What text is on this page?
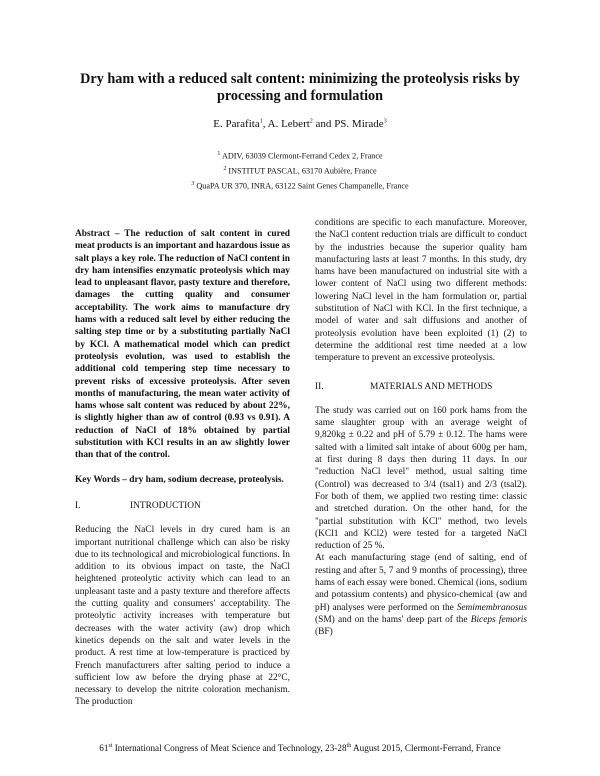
Dry ham with a reduced salt content: minimizing the proteolysis risks by processing and formulation
E. Parafita$^1$, A. Lebert$^2$ and PS. Mirade$^3$
$^1$ ADIV, 63039 Clermont-Ferrand Cedex 2, France
$^2$ INSTITUT PASCAL, 63170 Aubière, France
$^3$ QuaPA UR 370, INRA, 63122 Saint Genes Champanelle, France

Abstract – The reduction of salt content in cured meat products is an important and hazardous issue as salt plays a key role. The reduction of NaCl content in dry ham intensifies enzymatic proteolysis which may lead to unpleasant flavor, pasty texture and therefore, damages the cutting quality and consumer acceptability. The work aims to manufacture dry hams with a reduced salt level by either reducing the salting step time or by a substituting partially NaCl by KCl. A mathematical model which can predict proteolysis evolution, was used to establish the additional cold tempering step time necessary to prevent risks of excessive proteolysis. After seven months of manufacturing, the mean water activity of hams whose salt content was reduced by about 22%, is slightly higher than aw of control (0.93 vs 0.91). A reduction of NaCl of 18% obtained by partial substitution with KCl results in an aw slightly lower than that of the control.

Key Words – dry ham, sodium decrease, proteolysis.

I.	INTRODUCTION

Reducing the NaCl levels in dry cured ham is an important nutritional challenge which can also be risky due to its technological and microbiological functions. In addition to its obvious impact on taste, the NaCl heightened proteolytic activity which can lead to an unpleasant taste and a pasty texture and therefore affects the cutting quality and consumers' acceptability. The proteolytic activity increases with temperature but decreases with the water activity (aw) drop which kinetics depends on the salt and water levels in the product. A rest time at low-temperature is practiced by French manufacturers after salting period to induce a sufficient low aw before the drying phase at 22°C, necessary to develop the nitrite coloration mechanism. The production

conditions are specific to each manufacture. Moreover, the NaCl content reduction trials are difficult to conduct by the industries because the superior quality ham manufacturing lasts at least 7 months. In this study, dry hams have been manufactured on industrial site with a lower content of NaCl using two different methods: lowering NaCl level in the ham formulation or, partial substitution of NaCl with KCl. In the first technique, a model of water and salt diffusions and another of proteolysis evolution have been exploited (1) (2) to determine the additional rest time needed at a low temperature to prevent an excessive proteolysis.

II.	MATERIALS AND METHODS

The study was carried out on 160 pork hams from the same slaughter group with an average weight of 9,820kg ± 0.22 and pH of 5.79 ± 0.12. The hams were salted with a limited salt intake of about 600g per ham, at first during 8 days then during 11 days. In our "reduction NaCl level" method, usual salting time (Control) was decreased to 3/4 (tsal1) and 2/3 (tsal2). For both of them, we applied two resting time: classic and stretched duration. On the other hand, for the "partial substitution with KCl" method, two levels (KCl1 and KCl2) were tested for a targeted NaCl reduction of 25 %.

At each manufacturing stage (end of salting, end of resting and after 5, 7 and 9 months of processing), three hams of each essay were boned. Chemical (ions, sodium and potassium contents) and physico-chemical (aw and pH) analyses were performed on the Semimembranosus (SM) and on the hams' deep part of the Biceps femoris (BF)

61st International Congress of Meat Science and Technology, 23-28th August 2015, Clermont-Ferrand, France
